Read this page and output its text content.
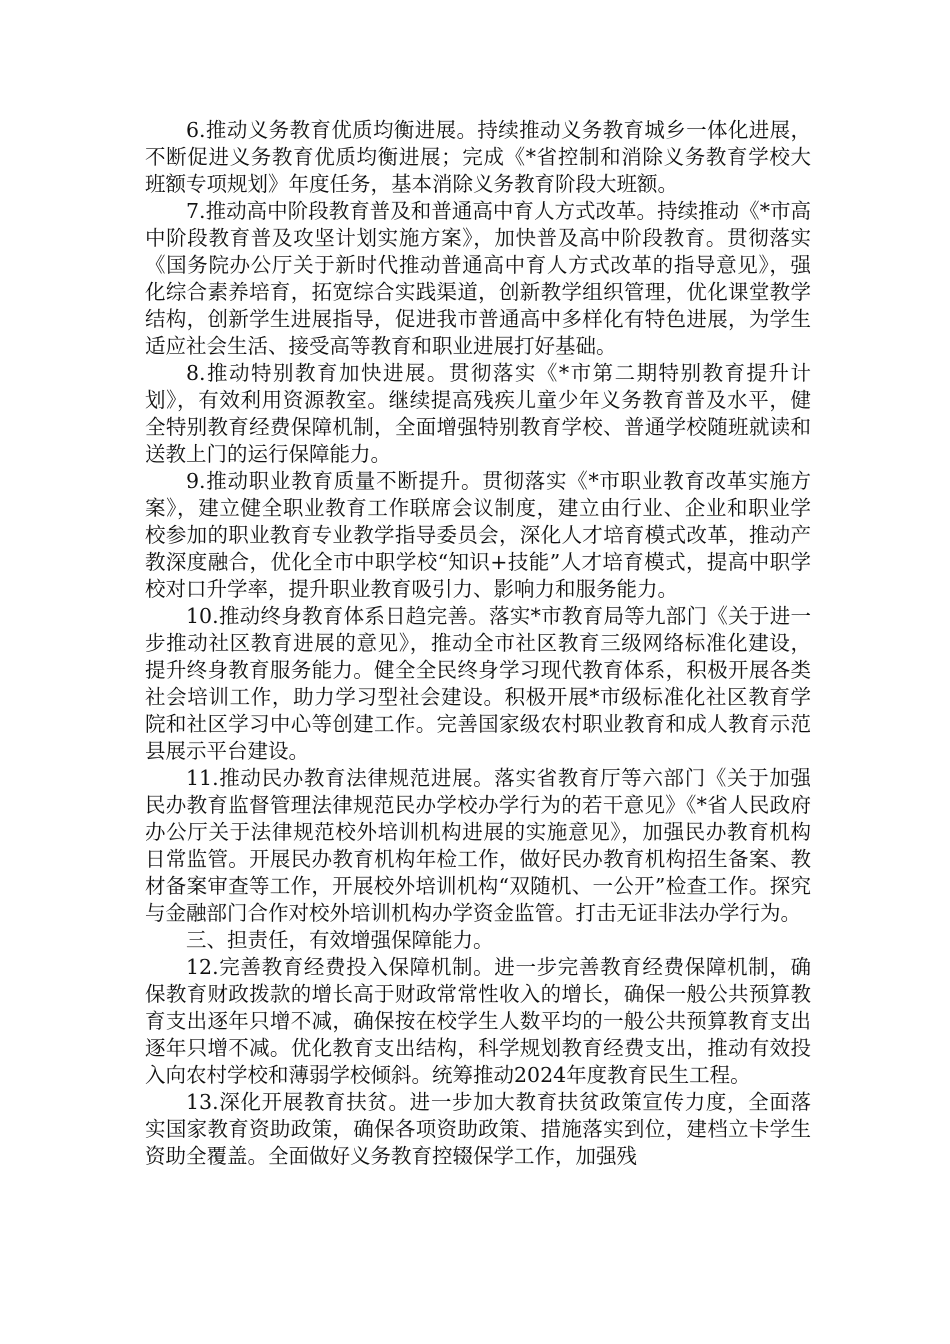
6.推动义务教育优质均衡进展。持续推动义务教育城乡一体化进展，不断促进义务教育优质均衡进展；完成《*省控制和消除义务教育学校大班额专项规划》年度任务，基本消除义务教育阶段大班额。

7.推动高中阶段教育普及和普通高中育人方式改革。持续推动《*市高中阶段教育普及攻坚计划实施方案》，加快普及高中阶段教育。贯彻落实《国务院办公厅关于新时代推动普通高中育人方式改革的指导意见》，强化综合素养培育，拓宽综合实践渠道，创新教学组织管理，优化课堂教学结构，创新学生进展指导，促进我市普通高中多样化有特色进展，为学生适应社会生活、接受高等教育和职业进展打好基础。

8.推动特别教育加快进展。贯彻落实《*市第二期特别教育提升计划》，有效利用资源教室。继续提高残疾儿童少年义务教育普及水平，健全特别教育经费保障机制，全面增强特别教育学校、普通学校随班就读和送教上门的运行保障能力。

9.推动职业教育质量不断提升。贯彻落实《*市职业教育改革实施方案》，建立健全职业教育工作联席会议制度，建立由行业、企业和职业学校参加的职业教育专业教学指导委员会，深化人才培育模式改革，推动产教深度融合，优化全市中职学校“知识+技能”人才培育模式，提高中职学校对口升学率，提升职业教育吸引力、影响力和服务能力。

10.推动终身教育体系日趋完善。落实*市教育局等九部门《关于进一步推动社区教育进展的意见》，推动全市社区教育三级网络标准化建设，提升终身教育服务能力。健全全民终身学习现代教育体系，积极开展各类社会培训工作，助力学习型社会建设。积极开展*市级标准化社区教育学院和社区学习中心等创建工作。完善国家级农村职业教育和成人教育示范县展示平台建设。

11.推动民办教育法律规范进展。落实省教育厅等六部门《关于加强民办教育监督管理法律规范民办学校办学行为的若干意见》《*省人民政府办公厅关于法律规范校外培训机构进展的实施意见》，加强民办教育机构日常监管。开展民办教育机构年检工作，做好民办教育机构招生备案、教材备案审查等工作，开展校外培训机构“双随机、一公开”检查工作。探究与金融部门合作对校外培训机构办学资金监管。打击无证非法办学行为。

三、担责任，有效增强保障能力。

12.完善教育经费投入保障机制。进一步完善教育经费保障机制，确保教育财政拨款的增长高于财政常常性收入的增长，确保一般公共预算教育支出逐年只增不减，确保按在校学生人数平均的一般公共预算教育支出逐年只增不减。优化教育支出结构，科学规划教育经费支出，推动有效投入向农村学校和薄弱学校倾斜。统筹推动2024年度教育民生工程。

13.深化开展教育扶贫。进一步加大教育扶贫政策宣传力度，全面落实国家教育资助政策，确保各项资助政策、措施落实到位，建档立卡学生资助全覆盖。全面做好义务教育控辍保学工作，加强残
